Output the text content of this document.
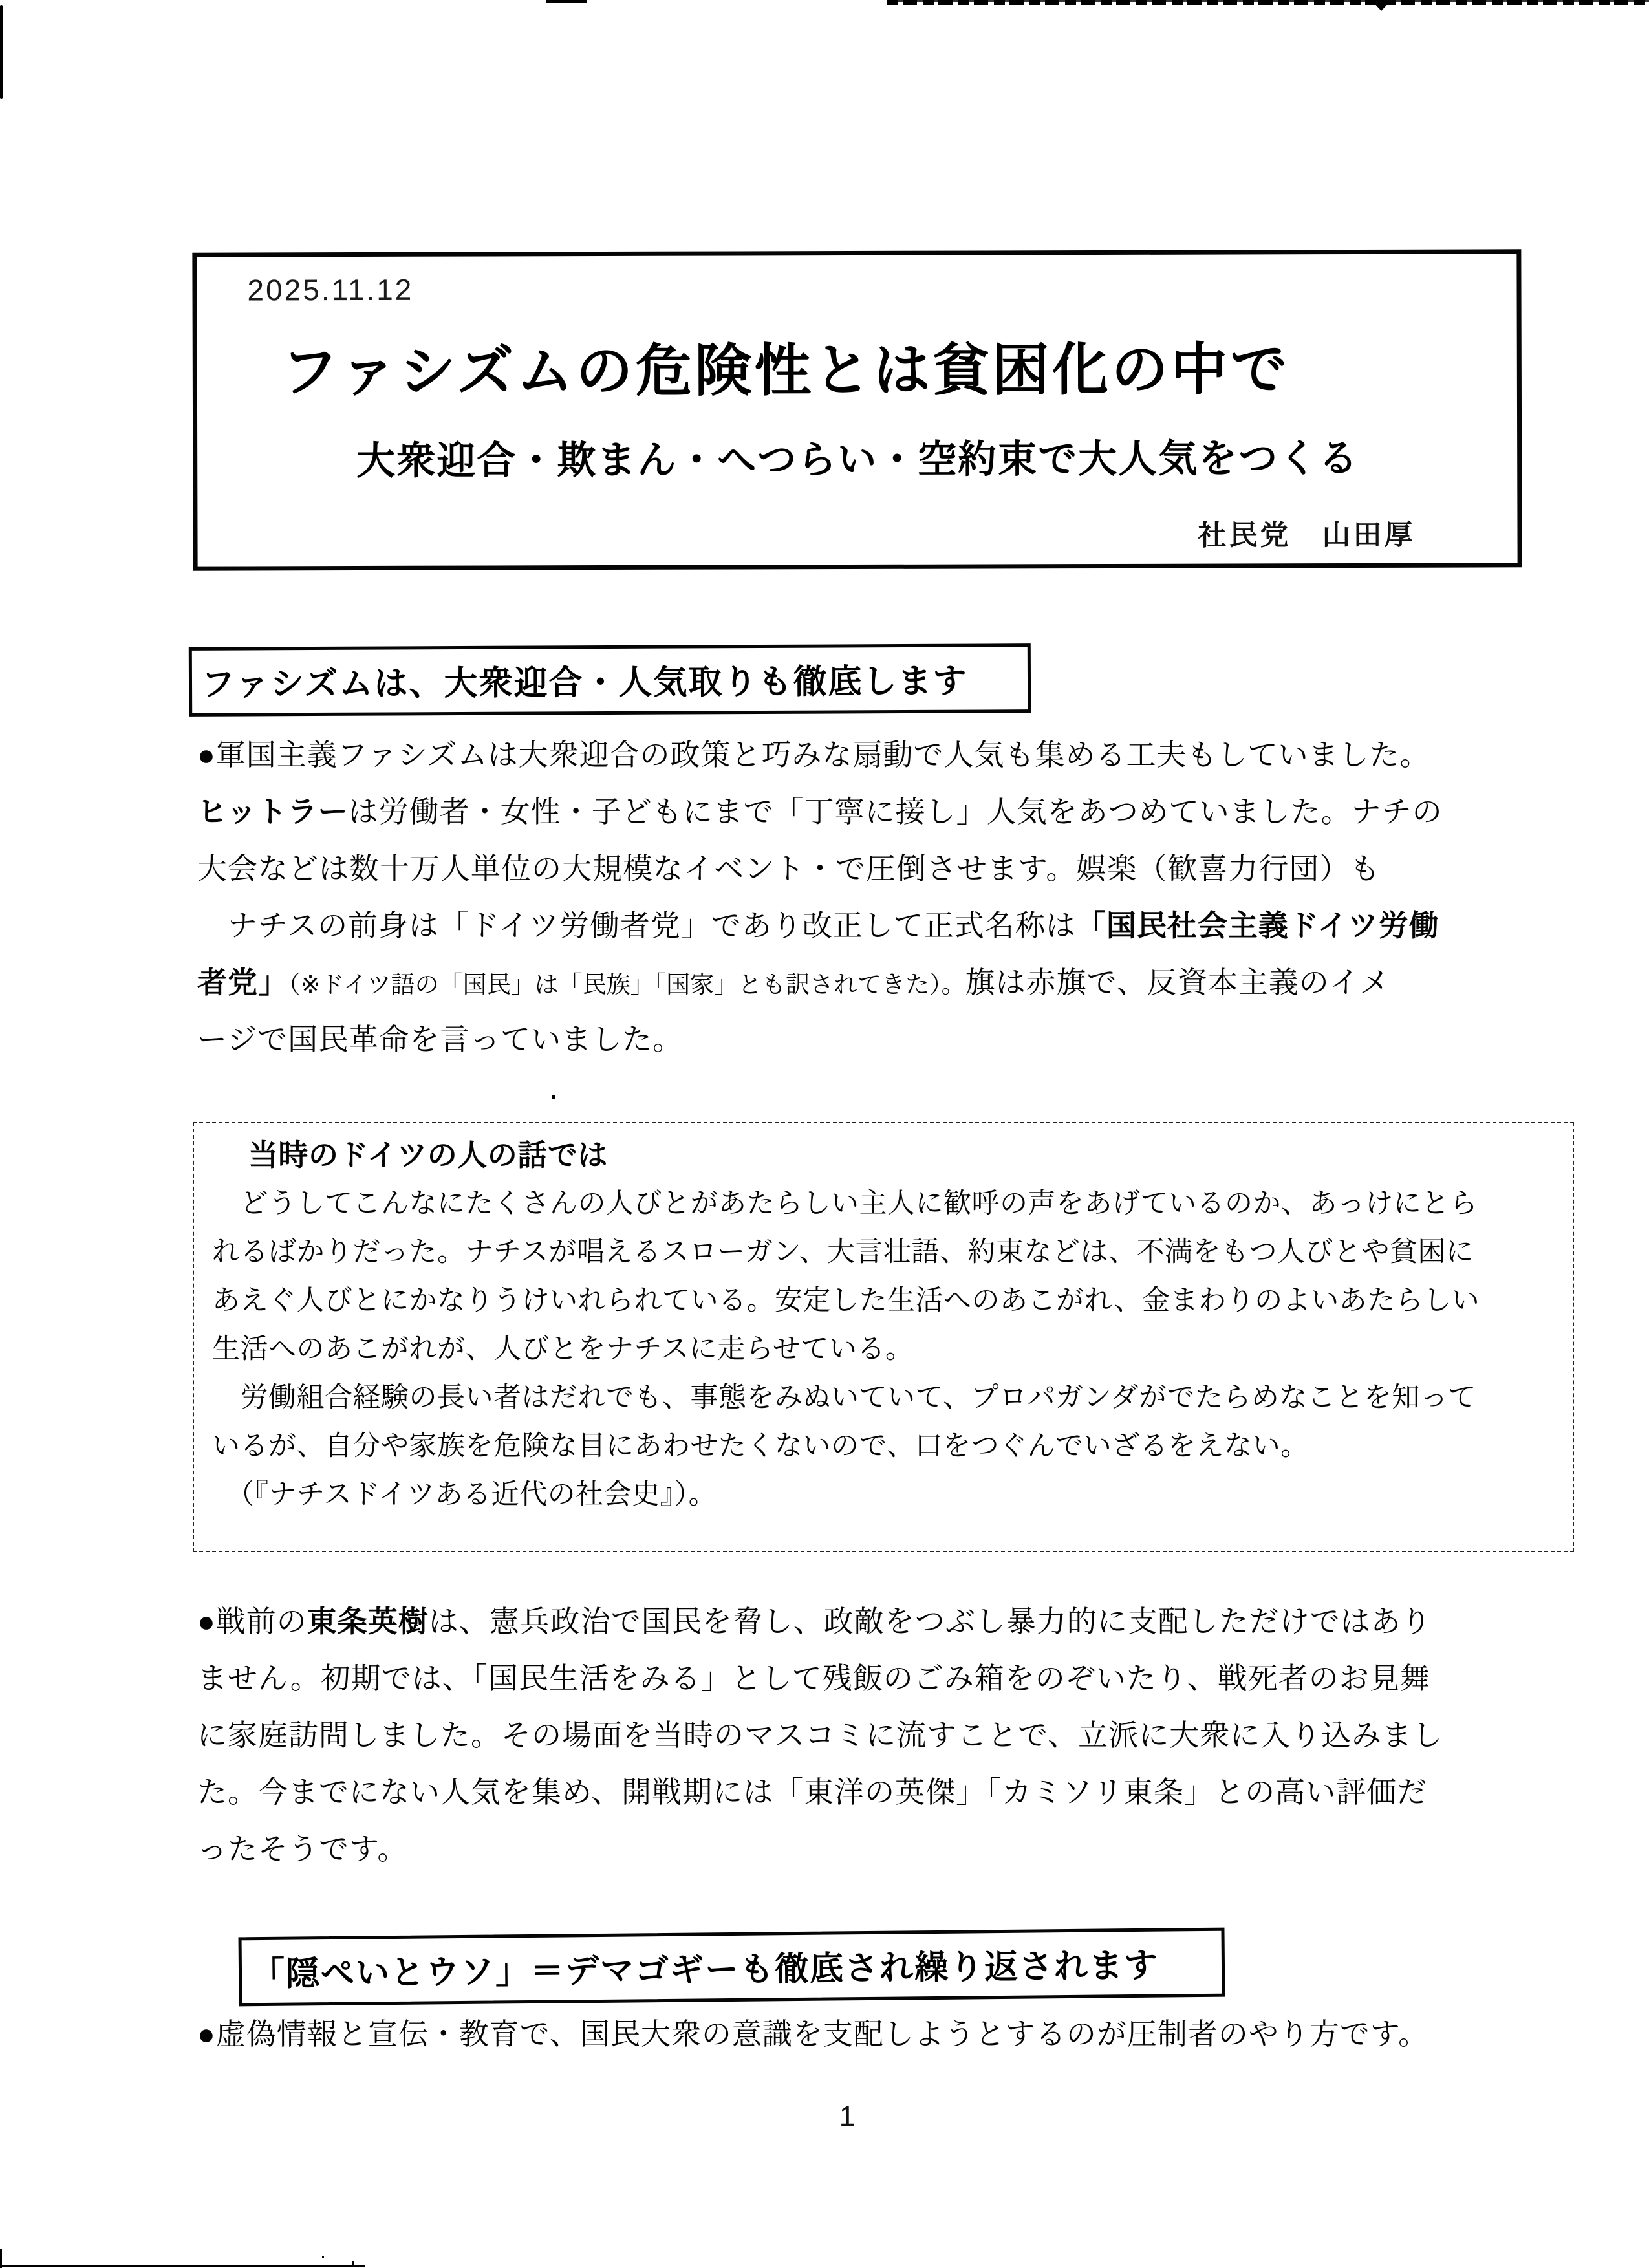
2025.11.12
ファシズムの危険性とは貧困化の中で
大衆迎合・欺まん・へつらい・空約束で大人気をつくる
社民党　山田厚
ファシズムは、大衆迎合・人気取りも徹底します
●軍国主義ファシズムは大衆迎合の政策と巧みな扇動で人気も集める工夫もしていました。
ヒットラーは労働者・女性・子どもにまで「丁寧に接し」人気をあつめていました。ナチの
大会などは数十万人単位の大規模なイベント・で圧倒させます。娯楽（歓喜力行団）も
　ナチスの前身は「ドイツ労働者党」であり改正して正式名称は「国民社会主義ドイツ労働
者党」（※ドイツ語の「国民」は「民族」「国家」とも訳されてきた）。旗は赤旗で、反資本主義のイメ
ージで国民革命を言っていました。
当時のドイツの人の話では
　どうしてこんなにたくさんの人びとがあたらしい主人に歓呼の声をあげているのか、あっけにとら
れるばかりだった。ナチスが唱えるスローガン、大言壮語、約束などは、不満をもつ人びとや貧困に
あえぐ人びとにかなりうけいれられている。安定した生活へのあこがれ、金まわりのよいあたらしい
生活へのあこがれが、人びとをナチスに走らせている。
　労働組合経験の長い者はだれでも、事態をみぬいていて、プロパガンダがでたらめなことを知って
いるが、自分や家族を危険な目にあわせたくないので、口をつぐんでいざるをえない。
　（『ナチスドイツある近代の社会史』）。
●戦前の東条英樹は、憲兵政治で国民を脅し、政敵をつぶし暴力的に支配しただけではあり
ません。初期では、「国民生活をみる」として残飯のごみ箱をのぞいたり、戦死者のお見舞
に家庭訪問しました。その場面を当時のマスコミに流すことで、立派に大衆に入り込みまし
た。今までにない人気を集め、開戦期には「東洋の英傑」「カミソリ東条」との高い評価だ
ったそうです。
「隠ぺいとウソ」＝デマゴギーも徹底され繰り返されます
●虚偽情報と宣伝・教育で、国民大衆の意識を支配しようとするのが圧制者のやり方です。
1
